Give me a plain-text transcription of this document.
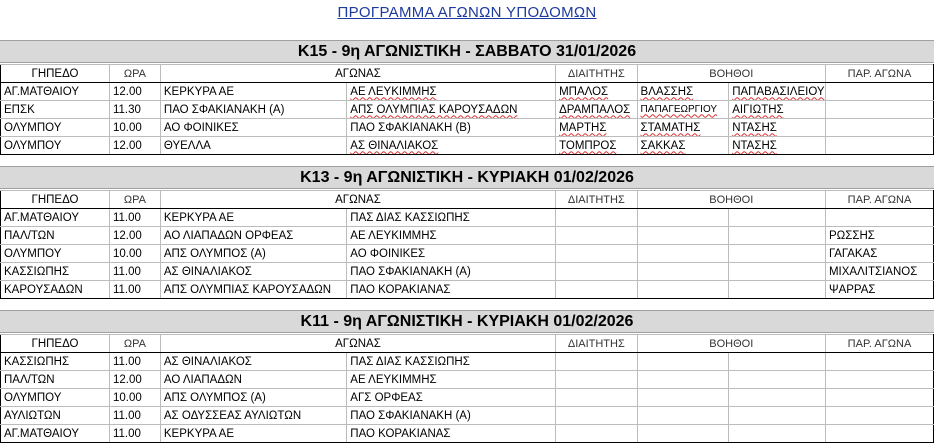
ΠΡΟΓΡΑΜΜΑ ΑΓΩΝΩΝ ΥΠΟΔΟΜΩΝ
Κ15 - 9η ΑΓΩΝΙΣΤΙΚΗ - ΣΑΒΒΑΤΟ 31/01/2026
ΓΗΠΕΔΟ	ΩΡΑ	ΑΓΩΝΑΣ		ΔΙΑΙΤΗΤΗΣ	ΒΟΗΘΟΙ		ΠΑΡ. ΑΓΩΝΑ
ΑΓ.ΜΑΤΘΑΙΟΥ	12.00	ΚΕΡΚΥΡΑ ΑΕ	ΑΕ ΛΕΥΚΙΜΜΗΣ	ΜΠΑΛΟΣ	ΒΛΑΣΣΗΣ	ΠΑΠΑΒΑΣΙΛΕΙΟΥ	
ΕΠΣΚ	11.30	ΠΑΟ ΣΦΑΚΙΑΝΑΚΗ (Α)	ΑΠΣ ΟΛΥΜΠΙΑΣ ΚΑΡΟΥΣΑΔΩΝ	ΔΡΑΜΠΑΛΟΣ	ΠΑΠΑΓΕΩΡΓΙΟΥ	ΑΙΓΙΩΤΗΣ	
ΟΛΥΜΠΟΥ	10.00	ΑΟ ΦΟΙΝΙΚΕΣ	ΠΑΟ ΣΦΑΚΙΑΝΑΚΗ (Β)	ΜΑΡΤΗΣ	ΣΤΑΜΑΤΗΣ	ΝΤΑΣΗΣ	
ΟΛΥΜΠΟΥ	12.00	ΘΥΕΛΛΑ	ΑΣ ΘΙΝΑΛΙΑΚΟΣ	ΤΟΜΠΡΟΣ	ΣΑΚΚΑΣ	ΝΤΑΣΗΣ	
Κ13 - 9η ΑΓΩΝΙΣΤΙΚΗ - ΚΥΡΙΑΚΗ 01/02/2026
ΓΗΠΕΔΟ	ΩΡΑ	ΑΓΩΝΑΣ		ΔΙΑΙΤΗΤΗΣ	ΒΟΗΘΟΙ		ΠΑΡ. ΑΓΩΝΑ
ΑΓ.ΜΑΤΘΑΙΟΥ	11.00	ΚΕΡΚΥΡΑ ΑΕ	ΠΑΣ ΔΙΑΣ ΚΑΣΣΙΩΠΗΣ				
ΠΑΛ/ΤΩΝ	12.00	ΑΟ ΛΙΑΠΑΔΩΝ ΟΡΦΕΑΣ	ΑΕ ΛΕΥΚΙΜΜΗΣ				ΡΩΣΣΗΣ
ΟΛΥΜΠΟΥ	10.00	ΑΠΣ ΟΛΥΜΠΟΣ (Α)	ΑΟ ΦΟΙΝΙΚΕΣ				ΓΑΓΑΚΑΣ
ΚΑΣΣΙΩΠΗΣ	11.00	ΑΣ ΘΙΝΑΛΙΑΚΟΣ	ΠΑΟ ΣΦΑΚΙΑΝΑΚΗ (Α)				ΜΙΧΑΛΙΤΣΙΑΝΟΣ
ΚΑΡΟΥΣΑΔΩΝ	11.00	ΑΠΣ ΟΛΥΜΠΙΑΣ ΚΑΡΟΥΣΑΔΩΝ	ΠΑΟ ΚΟΡΑΚΙΑΝΑΣ				ΨΑΡΡΑΣ
Κ11 - 9η ΑΓΩΝΙΣΤΙΚΗ - ΚΥΡΙΑΚΗ 01/02/2026
ΓΗΠΕΔΟ	ΩΡΑ	ΑΓΩΝΑΣ		ΔΙΑΙΤΗΤΗΣ	ΒΟΗΘΟΙ		ΠΑΡ. ΑΓΩΝΑ
ΚΑΣΣΙΩΠΗΣ	11.00	ΑΣ ΘΙΝΑΛΙΑΚΟΣ	ΠΑΣ ΔΙΑΣ ΚΑΣΣΙΩΠΗΣ				
ΠΑΛ/ΤΩΝ	12.00	ΑΟ ΛΙΑΠΑΔΩΝ	ΑΕ ΛΕΥΚΙΜΜΗΣ				
ΟΛΥΜΠΟΥ	10.00	ΑΠΣ ΟΛΥΜΠΟΣ (Α)	ΑΓΣ ΟΡΦΕΑΣ				
ΑΥΛΙΩΤΩΝ	11.00	ΑΣ ΟΔΥΣΣΕΑΣ ΑΥΛΙΩΤΩΝ	ΠΑΟ ΣΦΑΚΙΑΝΑΚΗ (Α)				
ΑΓ.ΜΑΤΘΑΙΟΥ	11.00	ΚΕΡΚΥΡΑ ΑΕ	ΠΑΟ ΚΟΡΑΚΙΑΝΑΣ				
